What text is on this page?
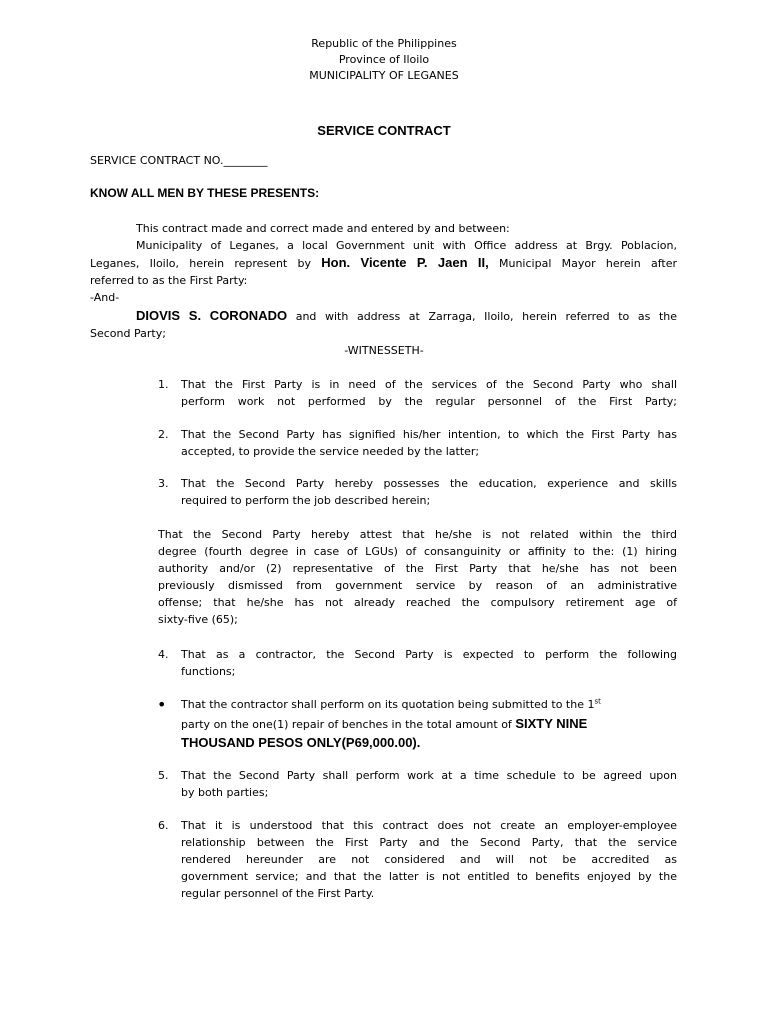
Republic of the Philippines
Province of Iloilo
MUNICIPALITY OF LEGANES
SERVICE CONTRACT
SERVICE CONTRACT NO.________
KNOW ALL MEN BY THESE PRESENTS:
This contract made and correct made and entered by and between:
Municipality of Leganes, a local Government unit with Office address at Brgy. Poblacion,
Leganes, Iloilo, herein represent by Hon. Vicente P. Jaen II, Municipal Mayor herein after
referred to as the First Party:
-And-
DIOVIS S. CORONADO and with address at Zarraga, Iloilo, herein referred to as the
Second Party;
-WITNESSETH-
1. That the First Party is in need of the services of the Second Party who shall
perform work not performed by the regular personnel of the First Party;
2. That the Second Party has signified his/her intention, to which the First Party has
accepted, to provide the service needed by the latter;
3. That the Second Party hereby possesses the education, experience and skills
required to perform the job described herein;
That the Second Party hereby attest that he/she is not related within the third
degree (fourth degree in case of LGUs) of consanguinity or affinity to the: (1) hiring
authority and/or (2) representative of the First Party that he/she has not been
previously dismissed from government service by reason of an administrative
offense; that he/she has not already reached the compulsory retirement age of
sixty-five (65);
4. That as a contractor, the Second Party is expected to perform the following
functions;
• That the contractor shall perform on its quotation being submitted to the 1st
party on the one(1) repair of benches in the total amount of SIXTY NINE
THOUSAND PESOS ONLY(P69,000.00).
5. That the Second Party shall perform work at a time schedule to be agreed upon
by both parties;
6. That it is understood that this contract does not create an employer-employee
relationship between the First Party and the Second Party, that the service
rendered hereunder are not considered and will not be accredited as
government service; and that the latter is not entitled to benefits enjoyed by the
regular personnel of the First Party.
